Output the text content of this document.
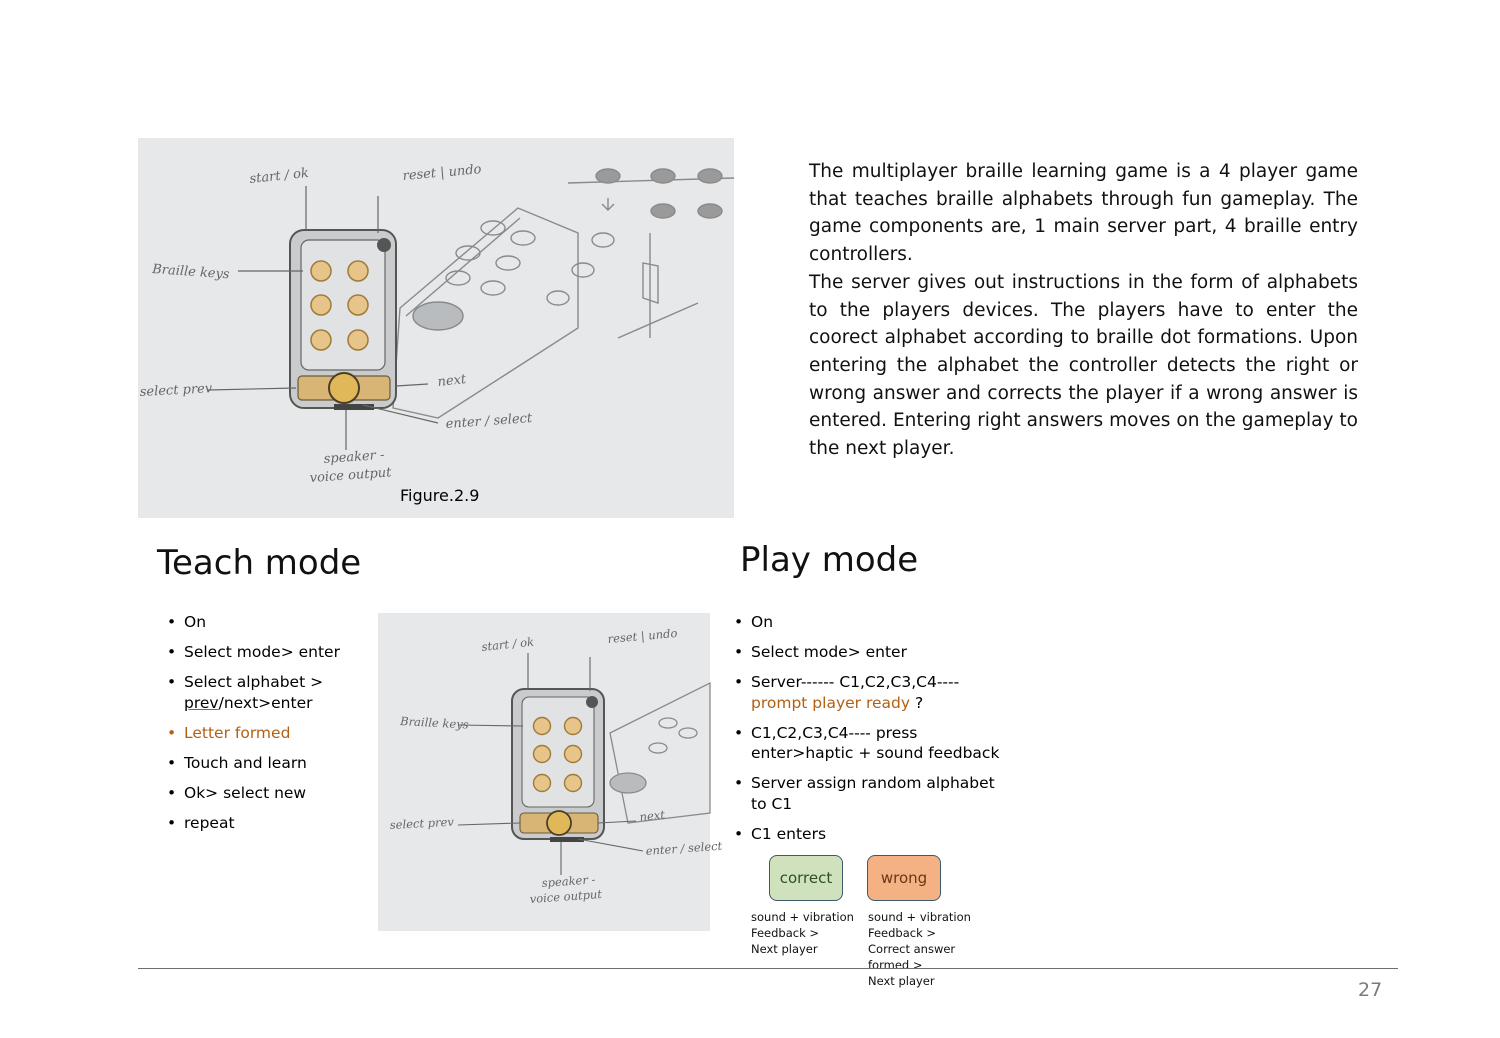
start / ok	reset | undo
Braille keys
select prev
next
enter / select
speaker -
voice output
Figure.2.9

The multiplayer braille learning game is a 4 player game that teaches braille alphabets through fun gameplay. The game components are, 1 main server part, 4 braille entry controllers.

The server gives out instructions in the form of alphabets to the players devices. The players have to enter the coorect alphabet according to braille dot formations. Upon entering the alphabet the controller detects the right or wrong answer and corrects the player if a wrong answer is entered. Entering right answers moves on the gameplay to the next player.

Teach mode
• On
• Select mode> enter
• Select alphabet >
prev/next>enter
• Letter formed
• Touch and learn
• Ok> select new
• repeat
start / ok	reset | undo
Braille keys
select prev	next
enter / select
speaker -
voice output
Play mode
• On
• Select mode> enter
• Server------ C1,C2,C3,C4----
prompt player ready ?
• C1,C2,C3,C4---- press
enter>haptic + sound feedback
• Server assign random alphabet
to C1
• C1 enters
correct	wrong
sound + vibration
Feedback >
Next player
sound + vibration
Feedback >
Correct answer
formed >
Next player	27
